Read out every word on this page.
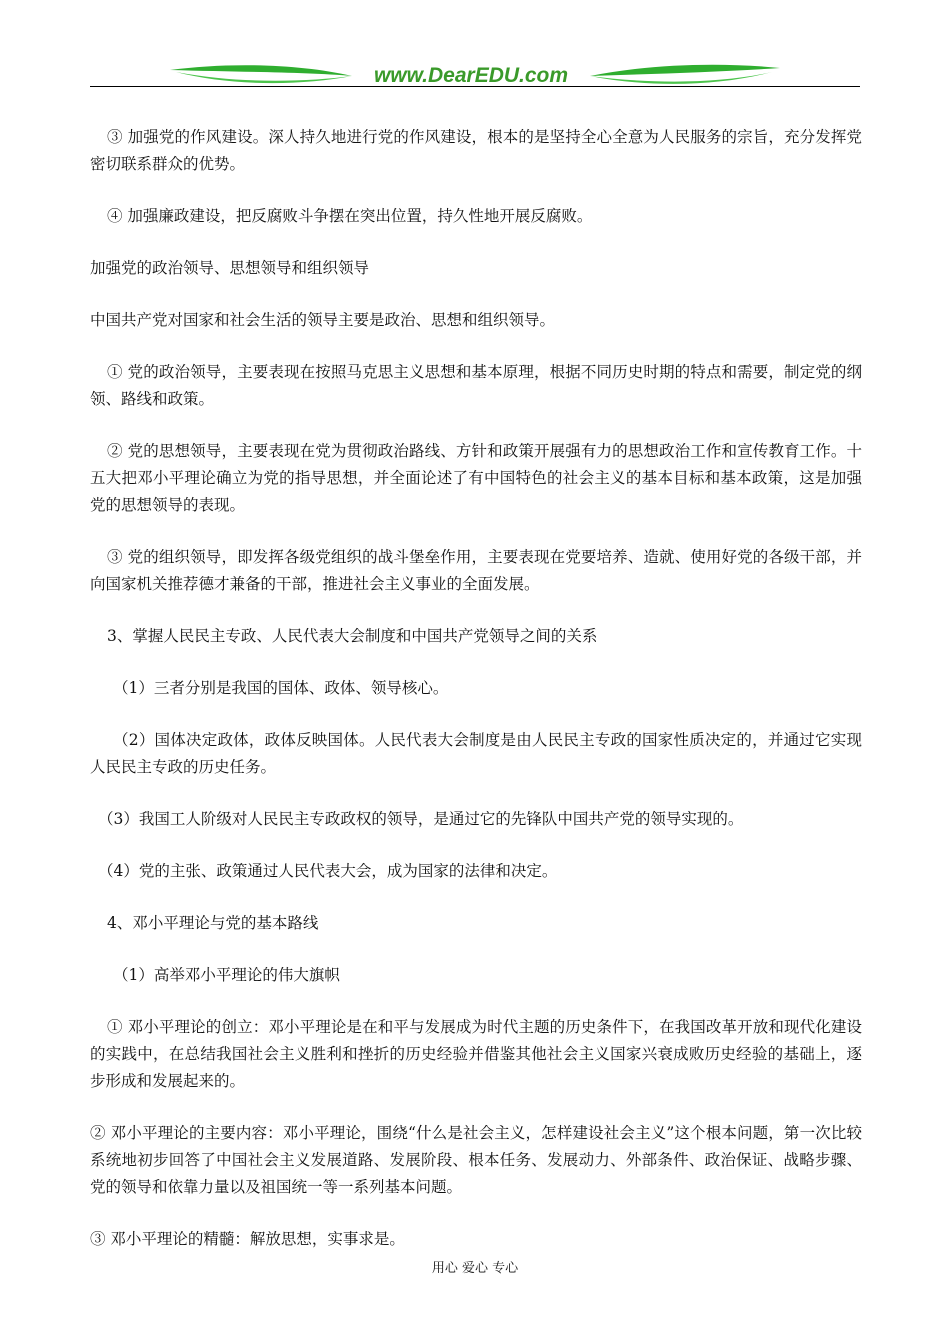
www.DearEDU.com

③ 加强党的作风建设。深人持久地进行党的作风建设，根本的是坚持全心全意为人民服务的宗旨，充分发挥党密切联系群众的优势。

④ 加强廉政建设，把反腐败斗争摆在突出位置，持久性地开展反腐败。

加强党的政治领导、思想领导和组织领导

中国共产党对国家和社会生活的领导主要是政治、思想和组织领导。

① 党的政治领导，主要表现在按照马克思主义思想和基本原理，根据不同历史时期的特点和需要，制定党的纲领、路线和政策。

② 党的思想领导，主要表现在党为贯彻政治路线、方针和政策开展强有力的思想政治工作和宣传教育工作。十五大把邓小平理论确立为党的指导思想，并全面论述了有中国特色的社会主义的基本目标和基本政策，这是加强党的思想领导的表现。

③ 党的组织领导，即发挥各级党组织的战斗堡垒作用，主要表现在党要培养、造就、使用好党的各级干部，并向国家机关推荐德才兼备的干部，推进社会主义事业的全面发展。

3、掌握人民民主专政、人民代表大会制度和中国共产党领导之间的关系

（1）三者分别是我国的国体、政体、领导核心。

（2）国体决定政体，政体反映国体。人民代表大会制度是由人民民主专政的国家性质决定的，并通过它实现人民民主专政的历史任务。

（3）我国工人阶级对人民民主专政政权的领导，是通过它的先锋队中国共产党的领导实现的。

（4）党的主张、政策通过人民代表大会，成为国家的法律和决定。

4、邓小平理论与党的基本路线

（1）高举邓小平理论的伟大旗帜

① 邓小平理论的创立：邓小平理论是在和平与发展成为时代主题的历史条件下，在我国改革开放和现代化建设的实践中，在总结我国社会主义胜利和挫折的历史经验并借鉴其他社会主义国家兴衰成败历史经验的基础上，逐步形成和发展起来的。

② 邓小平理论的主要内容：邓小平理论，围绕“什么是社会主义，怎样建设社会主义”这个根本问题，第一次比较系统地初步回答了中国社会主义发展道路、发展阶段、根本任务、发展动力、外部条件、政治保证、战略步骤、党的领导和依靠力量以及祖国统一等一系列基本问题。

③ 邓小平理论的精髓：解放思想，实事求是。

用心 爱心 专心
